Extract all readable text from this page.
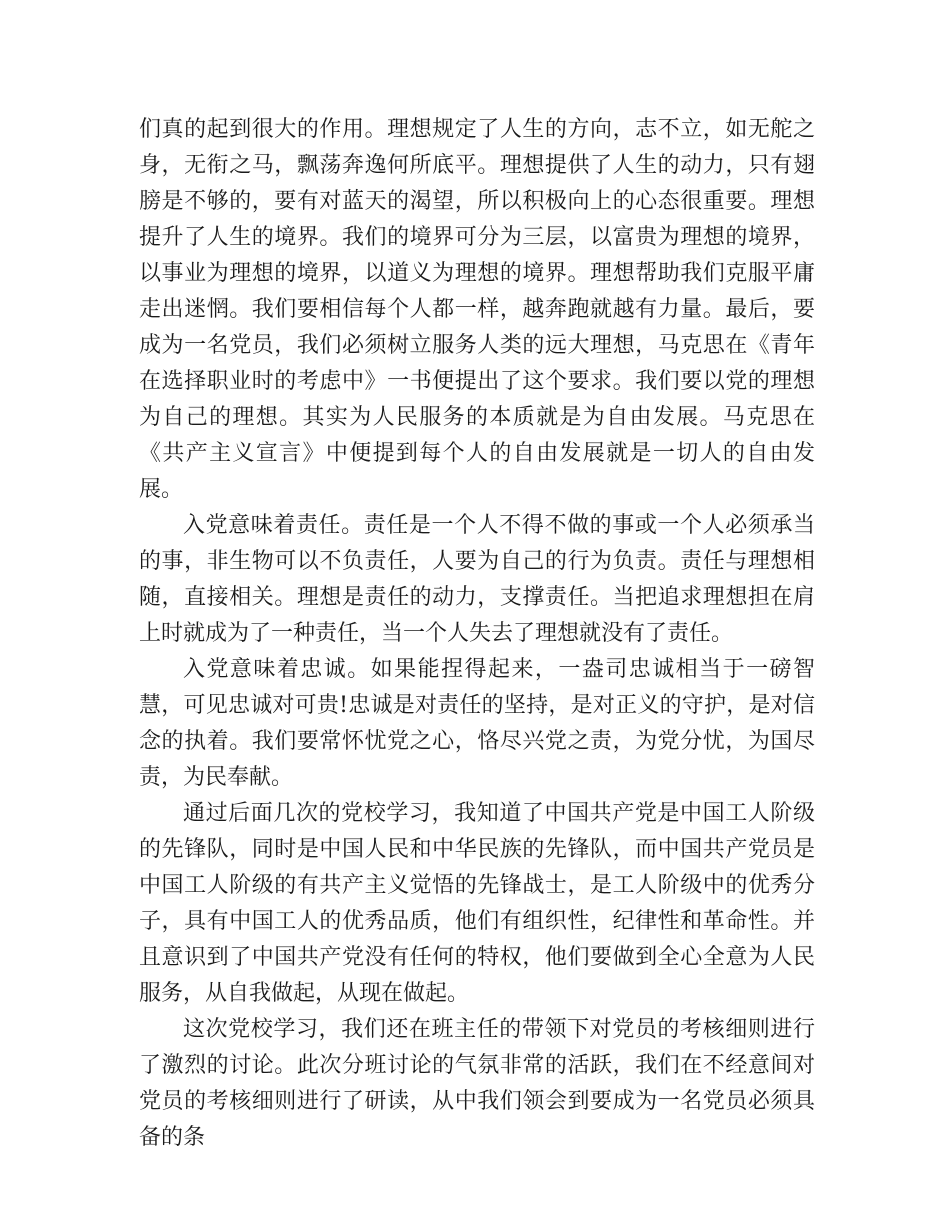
们真的起到很大的作用。理想规定了人生的方向，志不立，如无舵之身，无衔之马，飘荡奔逸何所底平。理想提供了人生的动力，只有翅膀是不够的，要有对蓝天的渴望，所以积极向上的心态很重要。理想提升了人生的境界。我们的境界可分为三层，以富贵为理想的境界，以事业为理想的境界，以道义为理想的境界。理想帮助我们克服平庸走出迷惘。我们要相信每个人都一样，越奔跑就越有力量。最后，要成为一名党员，我们必须树立服务人类的远大理想，马克思在《青年在选择职业时的考虑中》一书便提出了这个要求。我们要以党的理想为自己的理想。其实为人民服务的本质就是为自由发展。马克思在《共产主义宣言》中便提到每个人的自由发展就是一切人的自由发展。

入党意味着责任。责任是一个人不得不做的事或一个人必须承当的事，非生物可以不负责任，人要为自己的行为负责。责任与理想相随，直接相关。理想是责任的动力，支撑责任。当把追求理想担在肩上时就成为了一种责任，当一个人失去了理想就没有了责任。

入党意味着忠诚。如果能捏得起来，一盎司忠诚相当于一磅智慧，可见忠诚对可贵!忠诚是对责任的坚持，是对正义的守护，是对信念的执着。我们要常怀忧党之心，恪尽兴党之责，为党分忧，为国尽责，为民奉献。

通过后面几次的党校学习，我知道了中国共产党是中国工人阶级的先锋队，同时是中国人民和中华民族的先锋队，而中国共产党员是中国工人阶级的有共产主义觉悟的先锋战士，是工人阶级中的优秀分子，具有中国工人的优秀品质，他们有组织性，纪律性和革命性。并且意识到了中国共产党没有任何的特权，他们要做到全心全意为人民服务，从自我做起，从现在做起。

这次党校学习，我们还在班主任的带领下对党员的考核细则进行了激烈的讨论。此次分班讨论的气氛非常的活跃，我们在不经意间对党员的考核细则进行了研读，从中我们领会到要成为一名党员必须具备的条
